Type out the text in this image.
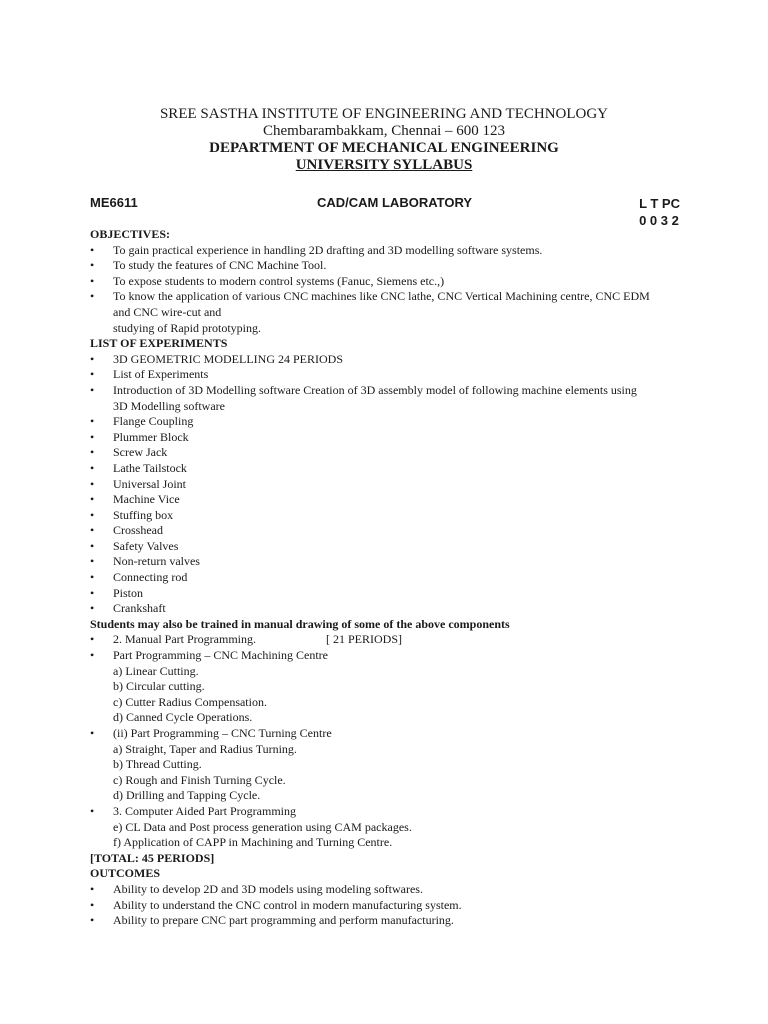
SREE SASTHA INSTITUTE OF ENGINEERING AND TECHNOLOGY
Chembarambakkam, Chennai – 600 123
DEPARTMENT OF MECHANICAL ENGINEERING
UNIVERSITY SYLLABUS
ME6611	CAD/CAM LABORATORY	L T PC
0 0 3 2
OBJECTIVES:
• To gain practical experience in handling 2D drafting and 3D modelling software systems.
• To study the features of CNC Machine Tool.
• To expose students to modern control systems (Fanuc, Siemens etc.,)
• To know the application of various CNC machines like CNC lathe, CNC Vertical Machining centre, CNC EDM
and CNC wire-cut and
studying of Rapid prototyping.
LIST OF EXPERIMENTS
• 3D GEOMETRIC MODELLING 24 PERIODS
• List of Experiments
• Introduction of 3D Modelling software Creation of 3D assembly model of following machine elements using
3D Modelling software
• Flange Coupling
• Plummer Block
• Screw Jack
• Lathe Tailstock
• Universal Joint
• Machine Vice
• Stuffing box
• Crosshead
• Safety Valves
• Non-return valves
• Connecting rod
• Piston
• Crankshaft
Students may also be trained in manual drawing of some of the above components
• 2. Manual Part Programming.	[ 21 PERIODS]
• Part Programming – CNC Machining Centre
a) Linear Cutting.
b) Circular cutting.
c) Cutter Radius Compensation.
d) Canned Cycle Operations.
• (ii) Part Programming – CNC Turning Centre
a) Straight, Taper and Radius Turning.
b) Thread Cutting.
c) Rough and Finish Turning Cycle.
d) Drilling and Tapping Cycle.
• 3. Computer Aided Part Programming
e) CL Data and Post process generation using CAM packages.
f) Application of CAPP in Machining and Turning Centre.
[TOTAL: 45 PERIODS]
OUTCOMES
• Ability to develop 2D and 3D models using modeling softwares.
• Ability to understand the CNC control in modern manufacturing system.
• Ability to prepare CNC part programming and perform manufacturing.
